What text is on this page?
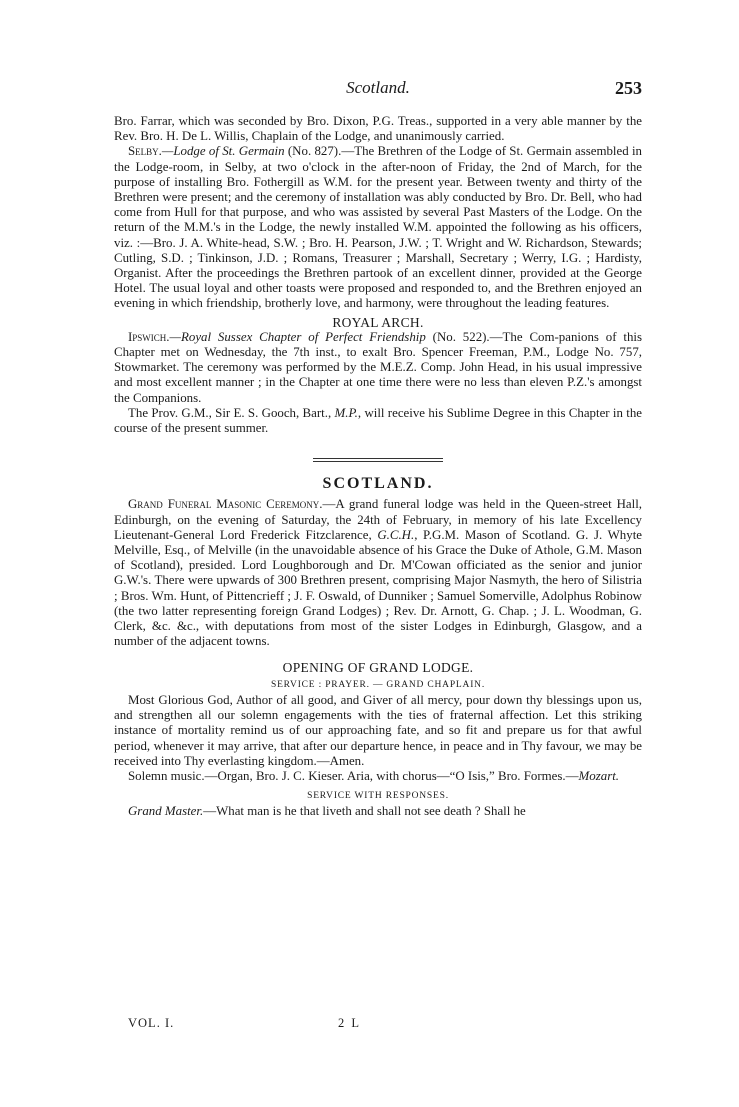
Scotland.	253

Bro. Farrar, which was seconded by Bro. Dixon, P.G. Treas., supported in a very able manner by the Rev. Bro. H. De L. Willis, Chaplain of the Lodge, and unanimously carried.

Selby.—Lodge of St. Germain (No. 827).—The Brethren of the Lodge of St. Germain assembled in the Lodge-room, in Selby, at two o'clock in the after-noon of Friday, the 2nd of March, for the purpose of installing Bro. Fothergill as W.M. for the present year. Between twenty and thirty of the Brethren were present; and the ceremony of installation was ably conducted by Bro. Dr. Bell, who had come from Hull for that purpose, and who was assisted by several Past Masters of the Lodge. On the return of the M.M.'s in the Lodge, the newly installed W.M. appointed the following as his officers, viz. :—Bro. J. A. White-head, S.W. ; Bro. H. Pearson, J.W. ; T. Wright and W. Richardson, Stewards; Cutling, S.D. ; Tinkinson, J.D. ; Romans, Treasurer ; Marshall, Secretary ; Werry, I.G. ; Hardisty, Organist. After the proceedings the Brethren partook of an excellent dinner, provided at the George Hotel. The usual loyal and other toasts were proposed and responded to, and the Brethren enjoyed an evening in which friendship, brotherly love, and harmony, were throughout the leading features.

ROYAL ARCH.

Ipswich.—Royal Sussex Chapter of Perfect Friendship (No. 522).—The Com-panions of this Chapter met on Wednesday, the 7th inst., to exalt Bro. Spencer Freeman, P.M., Lodge No. 757, Stowmarket. The ceremony was performed by the M.E.Z. Comp. John Head, in his usual impressive and most excellent manner ; in the Chapter at one time there were no less than eleven P.Z.'s amongst the Companions.

The Prov. G.M., Sir E. S. Gooch, Bart., M.P., will receive his Sublime Degree in this Chapter in the course of the present summer.

SCOTLAND.

Grand Funeral Masonic Ceremony.—A grand funeral lodge was held in the Queen-street Hall, Edinburgh, on the evening of Saturday, the 24th of February, in memory of his late Excellency Lieutenant-General Lord Frederick Fitzclarence, G.C.H., P.G.M. Mason of Scotland. G. J. Whyte Melville, Esq., of Melville (in the unavoidable absence of his Grace the Duke of Athole, G.M. Mason of Scotland), presided. Lord Loughborough and Dr. M'Cowan officiated as the senior and junior G.W.'s. There were upwards of 300 Brethren present, comprising Major Nasmyth, the hero of Silistria ; Bros. Wm. Hunt, of Pittencrieff ; J. F. Oswald, of Dunniker ; Samuel Somerville, Adolphus Robinow (the two latter representing foreign Grand Lodges) ; Rev. Dr. Arnott, G. Chap. ; J. L. Woodman, G. Clerk, &c. &c., with deputations from most of the sister Lodges in Edinburgh, Glasgow, and a number of the adjacent towns.

OPENING OF GRAND LODGE.

SERVICE : PRAYER. — GRAND CHAPLAIN.

Most Glorious God, Author of all good, and Giver of all mercy, pour down thy blessings upon us, and strengthen all our solemn engagements with the ties of fraternal affection. Let this striking instance of mortality remind us of our approaching fate, and so fit and prepare us for that awful period, whenever it may arrive, that after our departure hence, in peace and in Thy favour, we may be received into Thy everlasting kingdom.—Amen.

Solemn music.—Organ, Bro. J. C. Kieser. Aria, with chorus—“O Isis,” Bro. Formes.—Mozart.

SERVICE WITH RESPONSES.

Grand Master.—What man is he that liveth and shall not see death ? Shall he

VOL. I.	2 L
